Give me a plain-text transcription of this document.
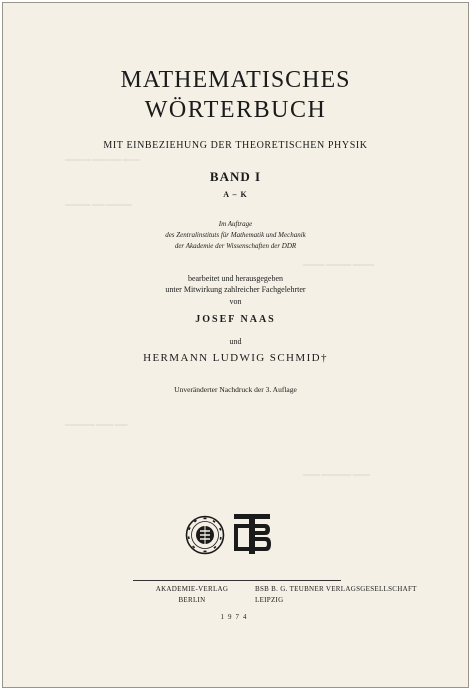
══════ ═══════ ════
══════ ═══ ══════
═════ ══════ ═════
═══════ ════ ═══
════ ═══════ ════
MATHEMATISCHES
WÖRTERBUCH
MIT EINBEZIEHUNG DER THEORETISCHEN PHYSIK
BAND I
A – K
Im Auftrage
des Zentralinstituts für Mathematik und Mechanik
der Akademie der Wissenschaften der DDR
bearbeitet und herausgegeben
unter Mitwirkung zahlreicher Fachgelehrter
von
JOSEF NAAS
und
HERMANN LUDWIG SCHMID†
Unveränderter Nachdruck der 3. Auflage
AKADEMIE-VERLAG
BERLIN
BSB B. G. TEUBNER VERLAGSGESELLSCHAFT
LEIPZIG
1974
